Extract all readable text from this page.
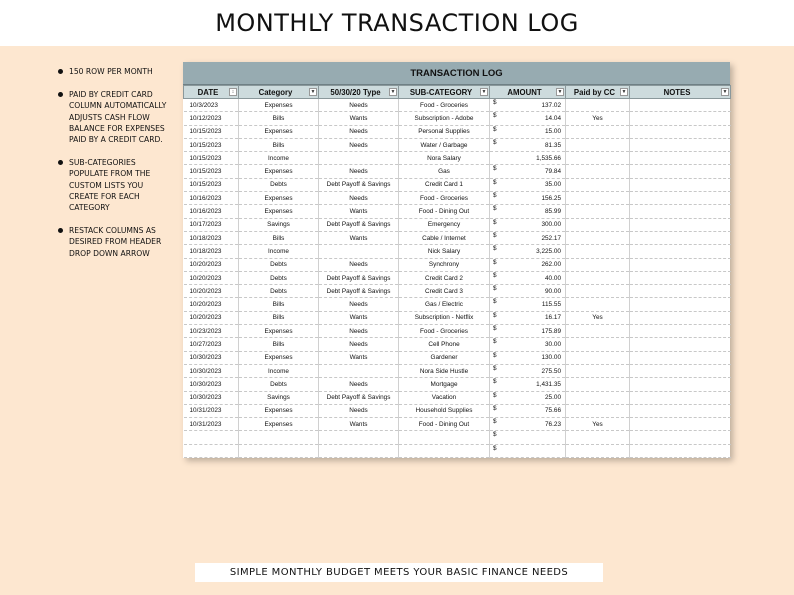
MONTHLY TRANSACTION LOG
150 ROW PER MONTH
PAID BY CREDIT CARD COLUMN AUTOMATICALLY ADJUSTS CASH FLOW BALANCE FOR EXPENSES PAID BY A CREDIT CARD.
SUB-CATEGORIES POPULATE FROM THE CUSTOM LISTS YOU CREATE FOR EACH CATEGORY
RESTACK COLUMNS AS DESIRED FROM HEADER DROP DOWN ARROW
TRANSACTION LOG
DATE ↕	Category ▼	50/30/20 Type ▼	SUB-CATEGORY ▼	AMOUNT ▼	Paid by CC ▼	NOTES ▼

10/3/2023	Expenses	Needs	Food - Groceries	$ 137.02		
10/12/2023	Bills	Wants	Subscription - Adobe	$ 14.04	Yes	
10/15/2023	Expenses	Needs	Personal Supplies	$ 15.00		
10/15/2023	Bills	Needs	Water / Garbage	$ 81.35		
10/15/2023	Income		Nora Salary	1,535.66		
10/15/2023	Expenses	Needs	Gas	$ 79.84		
10/15/2023	Debts	Debt Payoff & Savings	Credit Card 1	$ 35.00		
10/16/2023	Expenses	Needs	Food - Groceries	$ 156.25		
10/16/2023	Expenses	Wants	Food - Dining Out	$ 85.99		
10/17/2023	Savings	Debt Payoff & Savings	Emergency	$ 300.00		
10/18/2023	Bills	Wants	Cable / Internet	$ 252.17		
10/18/2023	Income		Nick Salary	$ 3,225.00		
10/20/2023	Debts	Needs	Synchrony	$ 262.00		
10/20/2023	Debts	Debt Payoff & Savings	Credit Card 2	$ 40.00		
10/20/2023	Debts	Debt Payoff & Savings	Credit Card 3	$ 90.00		
10/20/2023	Bills	Needs	Gas / Electric	$ 115.55		
10/20/2023	Bills	Wants	Subscription - Netflix	$ 16.17	Yes	
10/23/2023	Expenses	Needs	Food - Groceries	$ 175.89		
10/27/2023	Bills	Needs	Cell Phone	$ 30.00		
10/30/2023	Expenses	Wants	Gardener	$ 130.00		
10/30/2023	Income		Nora Side Hustle	$ 275.50		
10/30/2023	Debts	Needs	Mortgage	$ 1,431.35		
10/30/2023	Savings	Debt Payoff & Savings	Vacation	$ 25.00		
10/31/2023	Expenses	Needs	Household Supplies	$ 75.66		
10/31/2023	Expenses	Wants	Food - Dining Out	$ 76.23	Yes	

				$		

				$		

SIMPLE MONTHLY BUDGET MEETS YOUR BASIC FINANCE NEEDS
